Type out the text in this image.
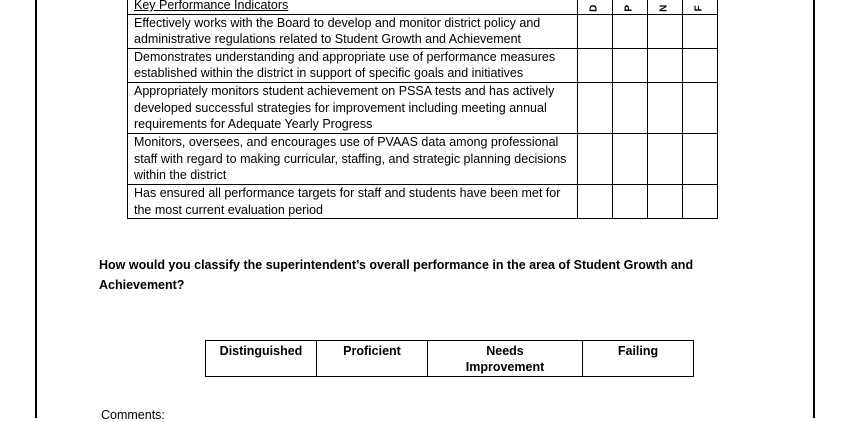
Key Performance Indicators	D	P	N	F

Effectively works with the Board to develop and monitor district policy and administrative regulations related to Student Growth and Achievement				
Demonstrates understanding and appropriate use of performance measures established within the district in support of specific goals and initiatives				
Appropriately monitors student achievement on PSSA tests and has actively developed successful strategies for improvement including meeting annual requirements for Adequate Yearly Progress				
Monitors, oversees, and encourages use of PVAAS data among professional staff with regard to making curricular, staffing, and strategic planning decisions within the district				
Has ensured all performance targets for staff and students have been met for the most current evaluation period				
How would you classify the superintendent’s overall performance in the area of Student Growth and Achievement?
Distinguished	Proficient	Needs Improvement	Failing
Comments:
